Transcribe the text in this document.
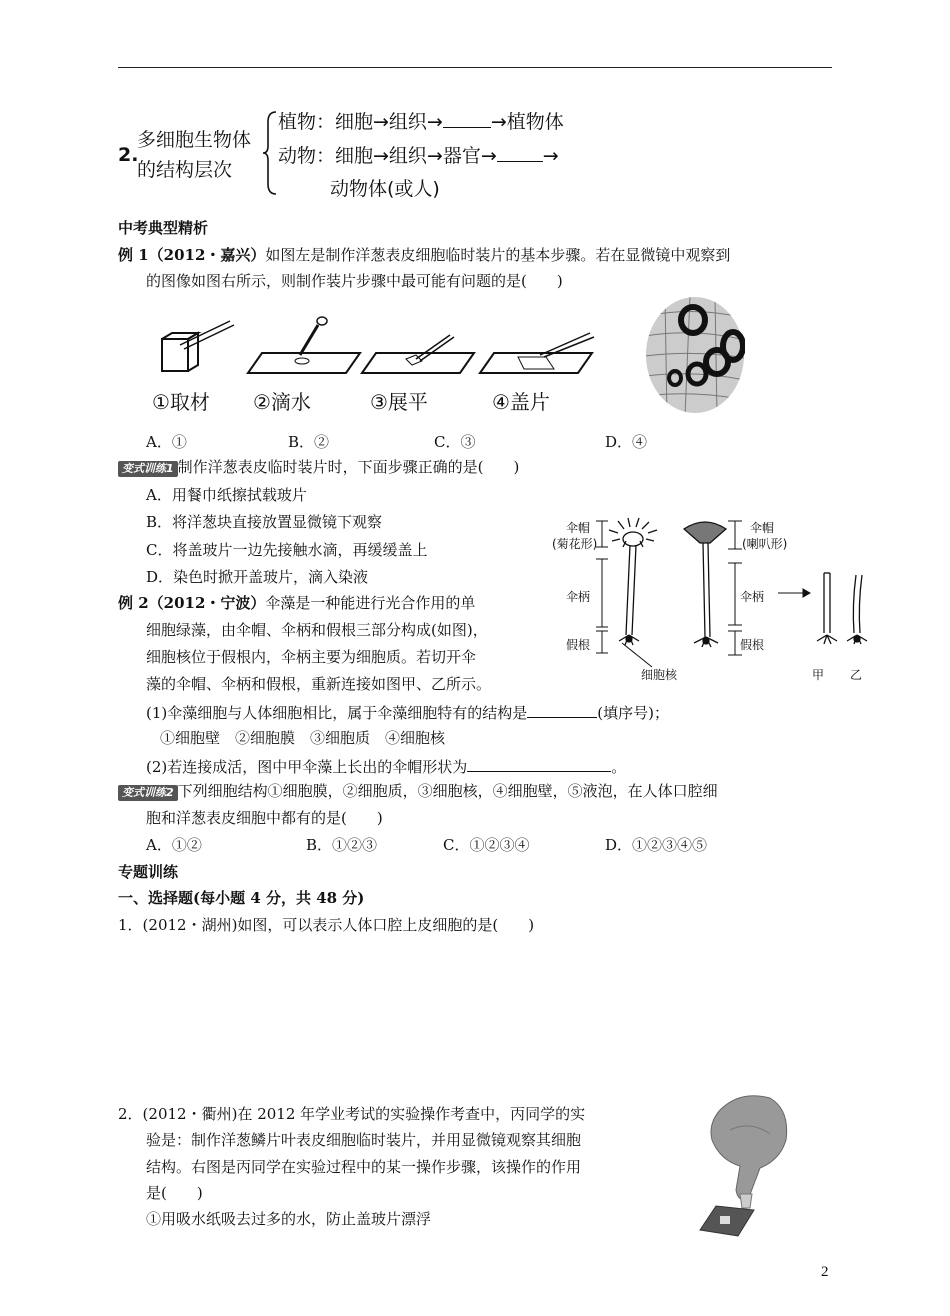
2.
多细胞生物体
的结构层次
植物：细胞→组织→	→植物体
动物：细胞→组织→器官→ →
动物体(或人)
中考典型精析
例 1（2012・嘉兴）如图左是制作洋葱表皮细胞临时装片的基本步骤。若在显微镜中观察到
的图像如图右所示，则制作装片步骤中最可能有问题的是(　　)
①取材 ②滴水	③展平	④盖片
A．①	B．②	C．③	D．④
变式训练1 制作洋葱表皮临时装片时，下面步骤正确的是(　　)
A．用餐巾纸擦拭载玻片
B．将洋葱块直接放置显微镜下观察
C．将盖玻片一边先接触水滴，再缓缓盖上
D．染色时掀开盖玻片，滴入染液
伞帽
(菊花形)
伞柄
假根
细胞核
伞帽
(喇叭形)
伞柄
假根
甲 乙
例 2（2012・宁波）伞藻是一种能进行光合作用的单
细胞绿藻，由伞帽、伞柄和假根三部分构成(如图)，
细胞核位于假根内，伞柄主要为细胞质。若切开伞
藻的伞帽、伞柄和假根，重新连接如图甲、乙所示。
(1)伞藻细胞与人体细胞相比，属于伞藻细胞特有的结构是	(填序号)；
①细胞壁　②细胞膜　③细胞质　④细胞核
(2)若连接成活，图中甲伞藻上长出的伞帽形状为	。
变式训练2 下列细胞结构①细胞膜，②细胞质，③细胞核，④细胞壁，⑤液泡，在人体口腔细
胞和洋葱表皮细胞中都有的是(　　)
A．①②	B．①②③	C．①②③④	D．①②③④⑤
专题训练
一、选择题(每小题 4 分，共 48 分)
1．(2012・湖州)如图，可以表示人体口腔上皮细胞的是(　　)
2．(2012・衢州)在 2012 年学业考试的实验操作考查中，丙同学的实
验是：制作洋葱鳞片叶表皮细胞临时装片，并用显微镜观察其细胞
结构。右图是丙同学在实验过程中的某一操作步骤，该操作的作用
是(　　)
①用吸水纸吸去过多的水，防止盖玻片漂浮
2
